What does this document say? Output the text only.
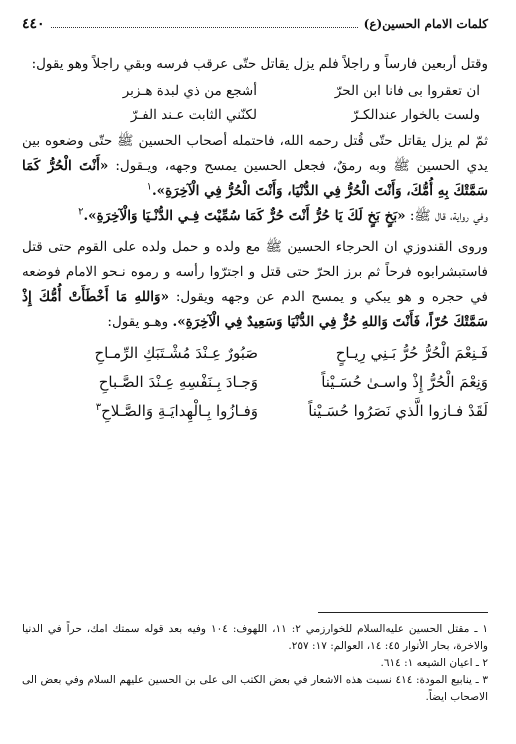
كلمات الامام الحسين(ع)
٤٤٠

وقتل أربعين فارساً و راجلاً فلم يزل يقاتل حتّى عرقب فرسه وبقي راجلاً وهو يقول:

ان تعقروا بى فانا ابن الحرّ
أشجع من ذي لبدة هـزبر
ولست بالخوار عندالكـرّ
لكنّني الثابت عـند الفـرّ

ثمّ لم يزل يقاتل حتّى قُتل رحمه الله، فاحتمله أصحاب الحسين ﷺ حتّى وضعوه بين يدي الحسين ﷺ وبه رمقٌ، فجعل الحسين يمسح وجهه، ويـقول: «أَنْتَ الْحُرُّ كَمَا سَمَّتْكَ بِهِ أُمُّكَ، وَأَنْتَ الْحُرُّ فِي الدُّنْيَا، وَأَنْتَ الْحُرُّ فِي الْآخِرَةِ».$^١$

وفي رواية، قال ﷺ: «بَخٍ بَخٍ لَكَ يَا حُرُّ أَنْتَ حُرٌّ كَمَا سُمِّيْتَ فِـي الدُّنْـيَا وَالْآخِرَةِ».$^٢$

وروى القندوزي ان الحرجاء الحسين ﷺ مع ولده و حمل ولده على القوم حتى قتل فاستبشرابوه فرحاً ثم برز الحرّ حتى قتل و اجترّوا رأسه و رموه نـحو الامام فوضعه في حجره و هو يبكي و يمسح الدم عن وجهه ويقول: «وَاللهِ مَا أَخْطَأَتْ أُمُّكَ إِذْ سَمَّتْكَ حُرّاً، فَأَنْتَ وَاللهِ حُرٌّ فِي الدُّنْيَا وَسَعِيدٌ فِي الْآخِرَةِ». وهـو يقول:

فَـنِعْمَ الْحُرُّ حُرُّ بَـنِي رِيـاحٍ
صَبُورٌ عِـنْدَ مُشْـتَبَكِ الرِّمـاحِ
وَنِعْمَ الْحُرُّ إِذْ واسـىٰ حُسَـيْناً
وَجـادَ بِـنَفْسِهِ عِـنْدَ الصَّـباحِ
لَقَدْ فـازوا الَّذي نَصَرُوا حُسَـيْناً
وَفـازُوا بِـالْهِدايَـةِ وَالصَّـلاحِ$^٣$

١ ـ مقتل الحسين عليه‌السلام للخوارزمي ٢: ١١، اللهوف: ١٠٤ وفيه بعد قوله سمتك امك، حراً في الدنيا والاخرة، بحار الأنوار ٤٥: ١٤، العوالم: ١٧: ٢٥٧.

٢ ـ اعيان الشيعه ١: ٦١٤.

٣ ـ ينابيع المودة: ٤١٤ نسبت هذه الاشعار في بعض الكتب الى على بن الحسين عليهم السلام وفي بعض الى الاصحاب ايضاً.
